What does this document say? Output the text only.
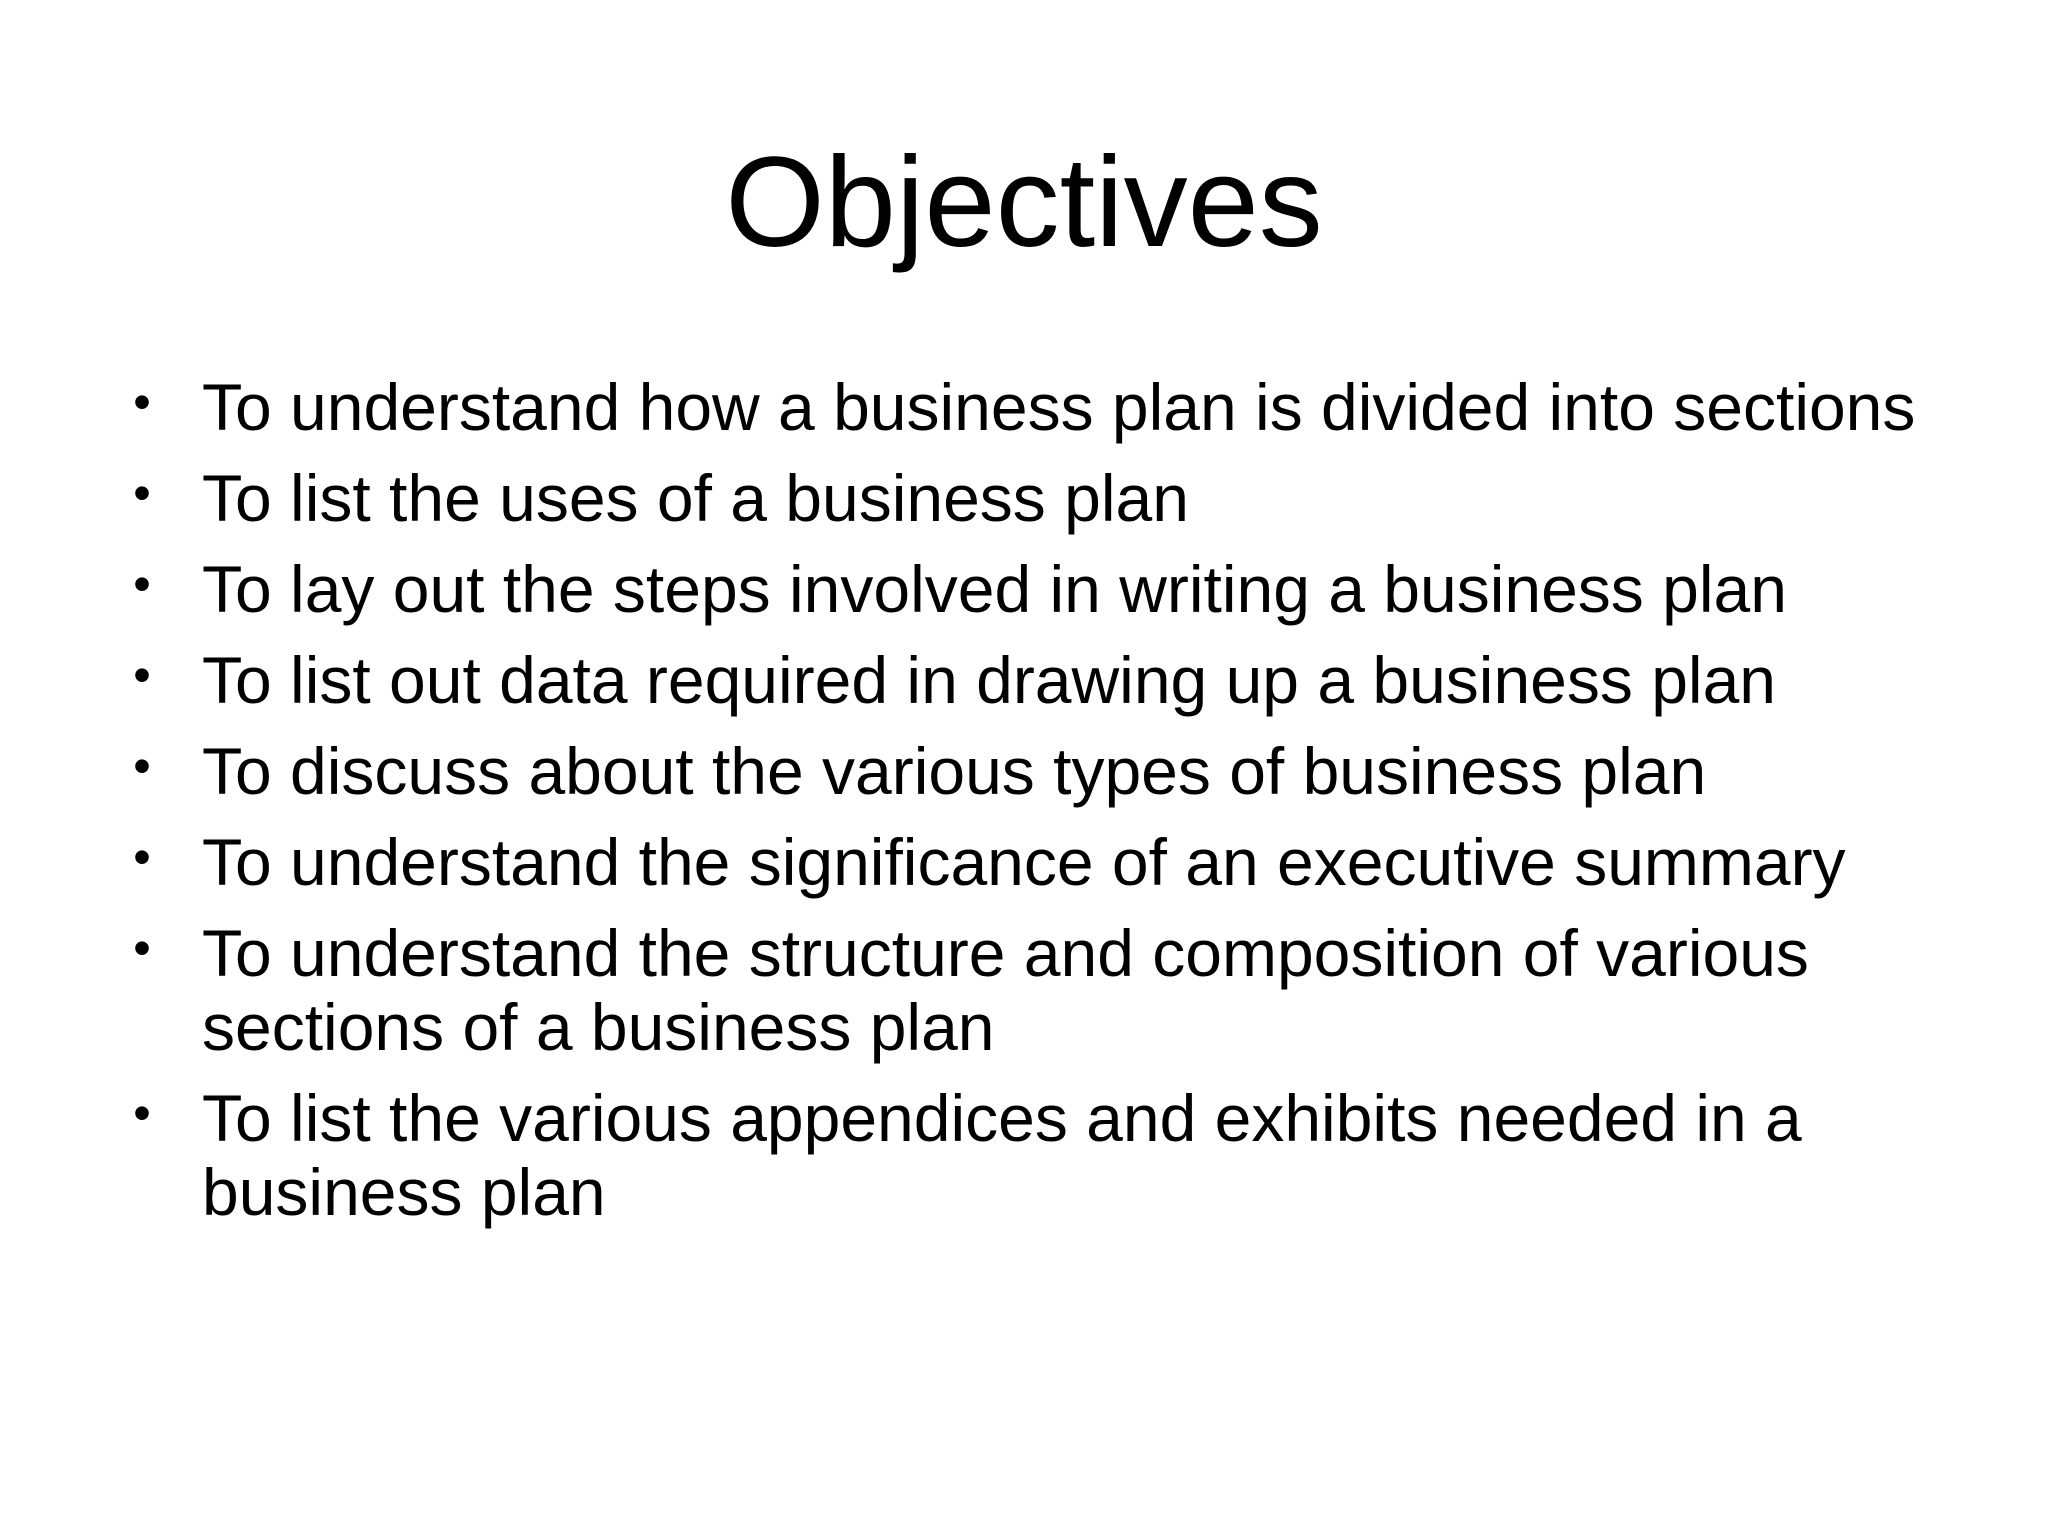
Objectives
• To understand how a business plan is divided into sections
• To list the uses of a business plan
• To lay out the steps involved in writing a business plan
• To list out data required in drawing up a business plan
• To discuss about the various types of business plan
• To understand the significance of an executive summary
• To understand the structure and composition of various sections of a business plan
• To list the various appendices and exhibits needed in a business plan
